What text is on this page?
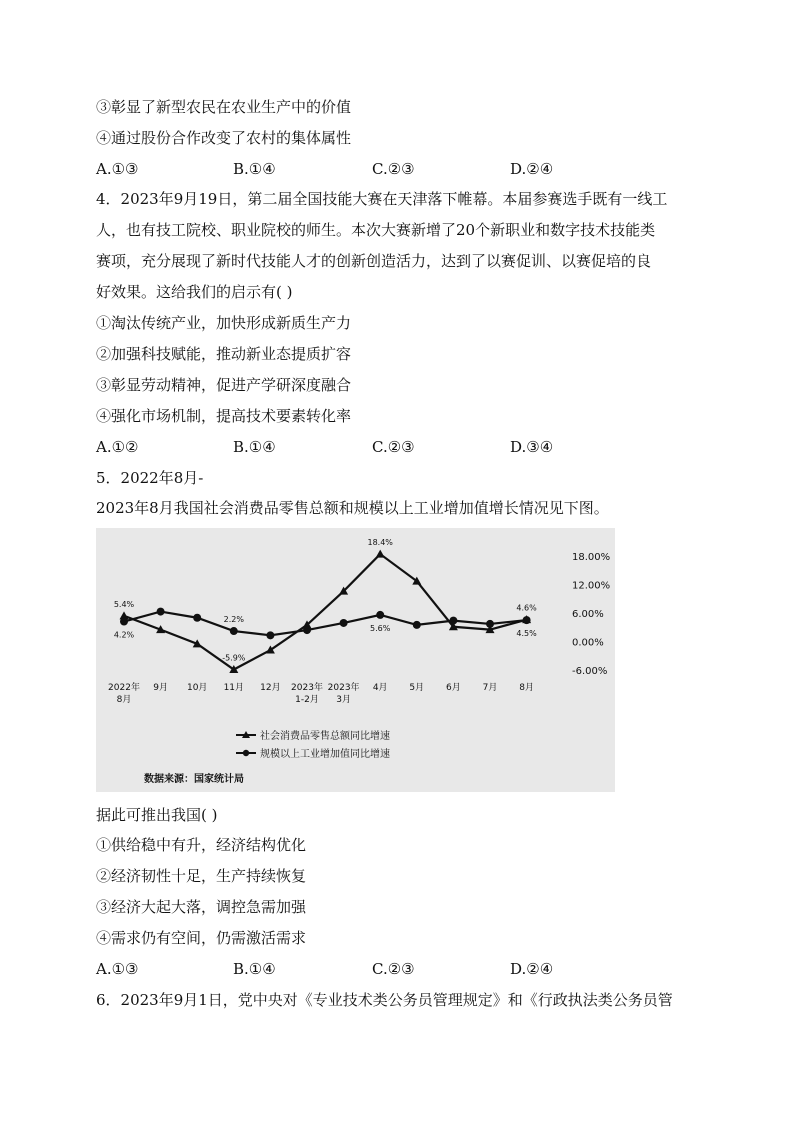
③彰显了新型农民在农业生产中的价值
④通过股份合作改变了农村的集体属性
A.①③	B.①④	C.②③	D.②④
4．2023年9月19日，第二届全国技能大赛在天津落下帷幕。本届参赛选手既有一线工
人，也有技工院校、职业院校的师生。本次大赛新增了20个新职业和数字技术技能类
赛项，充分展现了新时代技能人才的创新创造活力，达到了以赛促训、以赛促培的良
好效果。这给我们的启示有( )
①淘汰传统产业，加快形成新质生产力
②加强科技赋能，推动新业态提质扩容
③彰显劳动精神，促进产学研深度融合
④强化市场机制，提高技术要素转化率
A.①②	B.①④	C.②③	D.③④
5．2022年8月-
2023年8月我国社会消费品零售总额和规模以上工业增加值增长情况见下图。
18.00%
12.00%
6.00%
0.00%
-6.00%
2022年 8月
9月 10月 11月 12月 2023年 1-2月
2023年 3月
4月 5月 6月 7月 8月
5.4%
4.2%
2.2%
-5.9%
18.4%
5.6%
4.6%
4.5%
社会消费品零售总额同比增速
规模以上工业增加值同比增速
数据来源：国家统计局
据此可推出我国( )
①供给稳中有升，经济结构优化
②经济韧性十足，生产持续恢复
③经济大起大落，调控急需加强
④需求仍有空间，仍需激活需求
A.①③	B.①④	C.②③	D.②④
6．2023年9月1日，党中央对《专业技术类公务员管理规定》和《行政执法类公务员管
